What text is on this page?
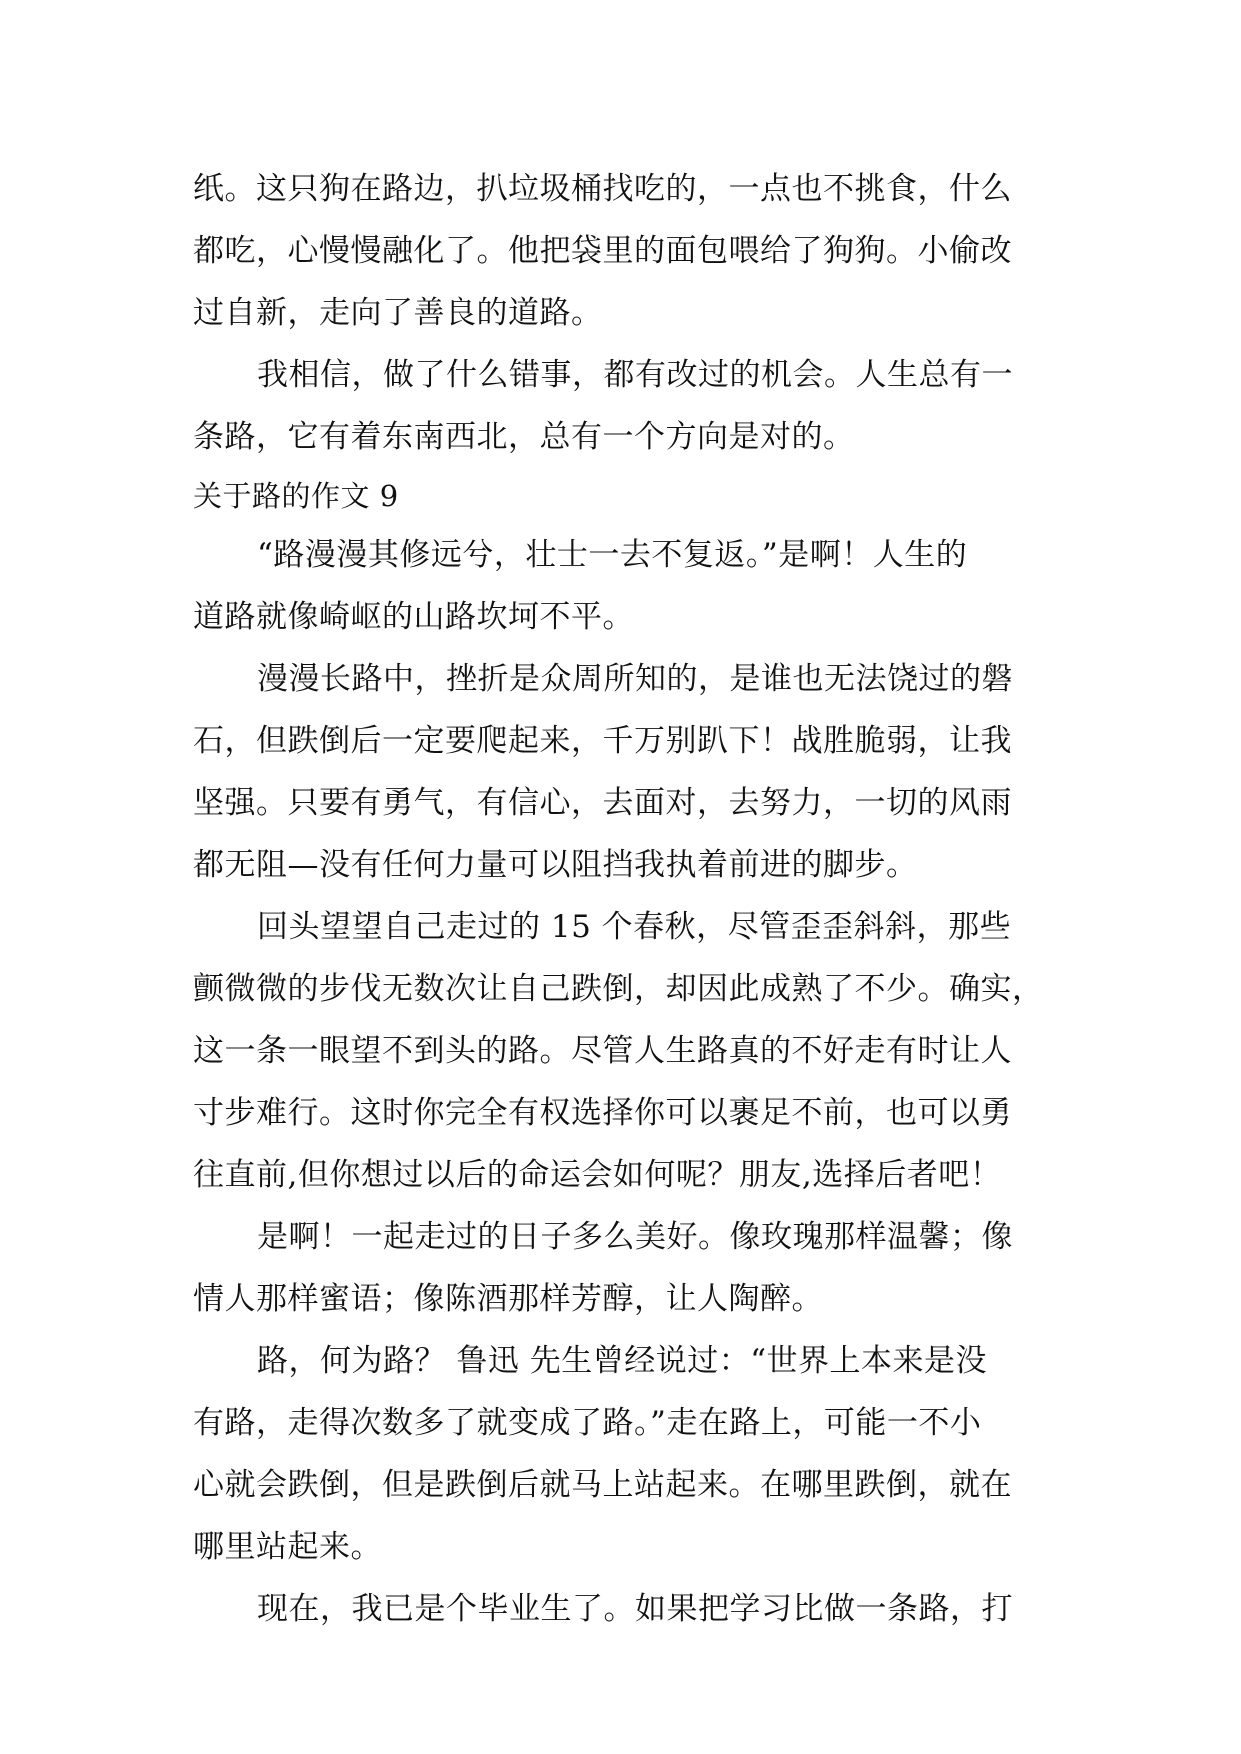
纸。这只狗在路边，扒垃圾桶找吃的，一点也不挑食，什么
都吃，心慢慢融化了。他把袋里的面包喂给了狗狗。小偷改
过自新，走向了善良的道路。
我相信，做了什么错事，都有改过的机会。人生总有一
条路，它有着东南西北，总有一个方向是对的。
关于路的作文 9
“路漫漫其修远兮，壮士一去不复返。”是啊！人生的
道路就像崎岖的山路坎坷不平。
漫漫长路中，挫折是众周所知的，是谁也无法饶过的磐
石，但跌倒后一定要爬起来，千万别趴下！战胜脆弱，让我
坚强。只要有勇气，有信心，去面对，去努力，一切的风雨
都无阻—没有任何力量可以阻挡我执着前进的脚步。
回头望望自己走过的 15 个春秋，尽管歪歪斜斜，那些
颤微微的步伐无数次让自己跌倒，却因此成熟了不少。确实，
这一条一眼望不到头的路。尽管人生路真的不好走有时让人
寸步难行。这时你完全有权选择你可以裹足不前，也可以勇
往直前,但你想过以后的命运会如何呢？朋友,选择后者吧！
是啊！一起走过的日子多么美好。像玫瑰那样温馨；像
情人那样蜜语；像陈酒那样芳醇，让人陶醉。
路，何为路？ 鲁迅 先生曾经说过：“世界上本来是没
有路，走得次数多了就变成了路。”走在路上，可能一不小
心就会跌倒，但是跌倒后就马上站起来。在哪里跌倒，就在
哪里站起来。
现在，我已是个毕业生了。如果把学习比做一条路，打
